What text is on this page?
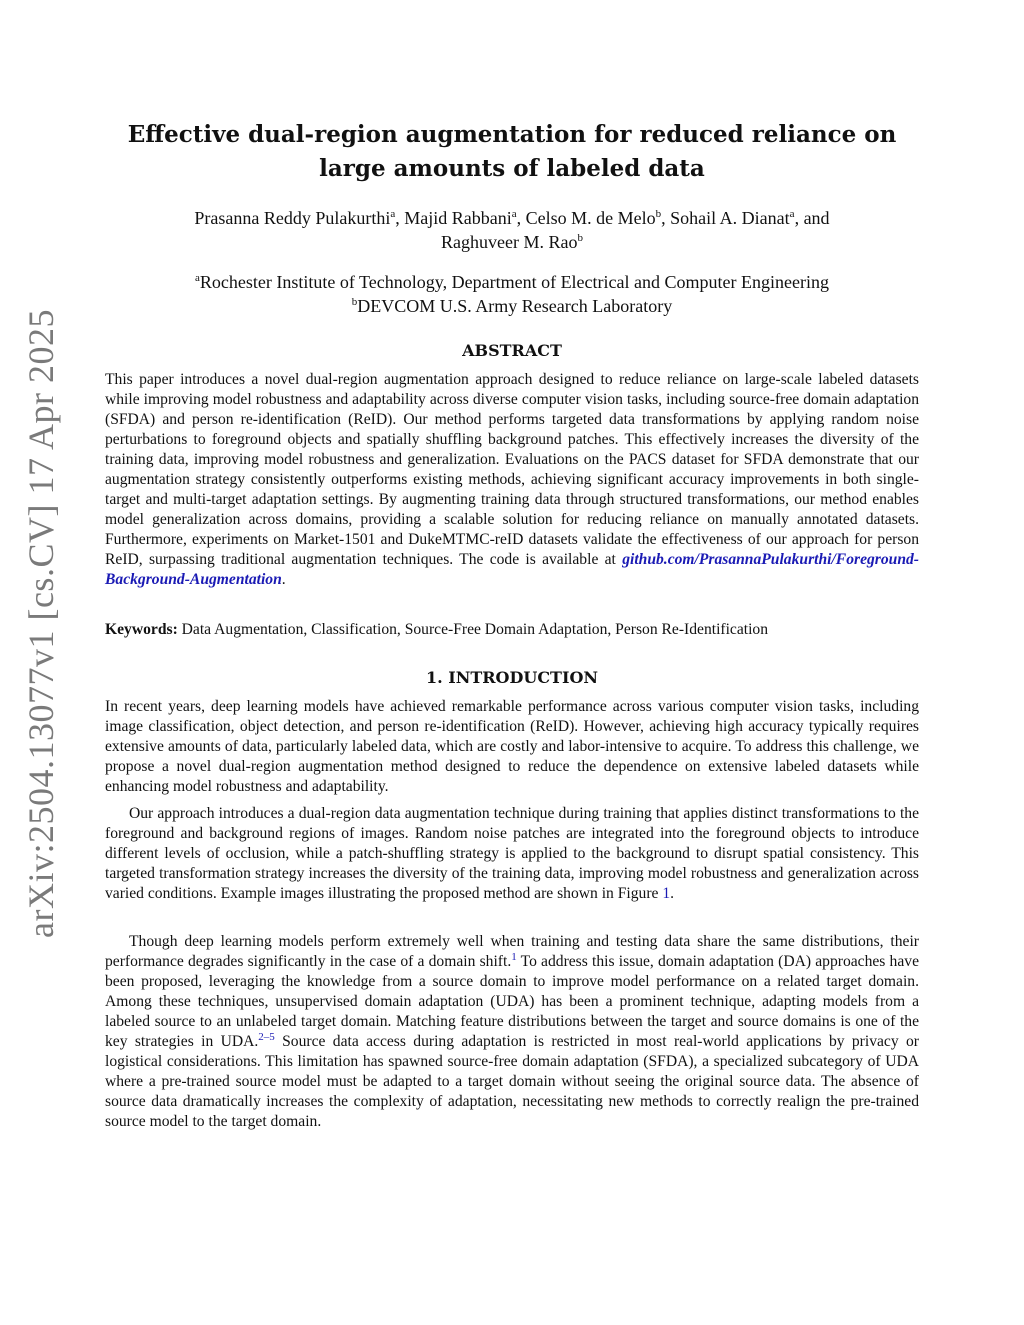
arXiv:2504.13077v1 [cs.CV] 17 Apr 2025
Effective dual-region augmentation for reduced reliance on large amounts of labeled data
Prasanna Reddy Pulakurthi$^a$, Majid Rabbani$^a$, Celso M. de Melo$^b$, Sohail A. Dianat$^a$, and
Raghuveer M. Rao$^b$
$^a$Rochester Institute of Technology, Department of Electrical and Computer Engineering
$^b$DEVCOM U.S. Army Research Laboratory
ABSTRACT

This paper introduces a novel dual-region augmentation approach designed to reduce reliance on large-scale labeled datasets while improving model robustness and adaptability across diverse computer vision tasks, including source-free domain adaptation (SFDA) and person re-identification (ReID). Our method performs targeted data transformations by applying random noise perturbations to foreground objects and spatially shuffling background patches. This effectively increases the diversity of the training data, improving model robustness and generalization. Evaluations on the PACS dataset for SFDA demonstrate that our augmentation strategy consistently outperforms existing methods, achieving significant accuracy improvements in both single-target and multi-target adaptation settings. By augmenting training data through structured transformations, our method enables model generalization across domains, providing a scalable solution for reducing reliance on manually annotated datasets. Furthermore, experiments on Market-1501 and DukeMTMC-reID datasets validate the effectiveness of our approach for person ReID, surpassing traditional augmentation techniques. The code is available at github.com/PrasannaPulakurthi/Foreground-Background-Augmentation.

Keywords: Data Augmentation, Classification, Source-Free Domain Adaptation, Person Re-Identification

1. INTRODUCTION

In recent years, deep learning models have achieved remarkable performance across various computer vision tasks, including image classification, object detection, and person re-identification (ReID). However, achieving high accuracy typically requires extensive amounts of data, particularly labeled data, which are costly and labor-intensive to acquire. To address this challenge, we propose a novel dual-region augmentation method designed to reduce the dependence on extensive labeled datasets while enhancing model robustness and adaptability.

Our approach introduces a dual-region data augmentation technique during training that applies distinct transformations to the foreground and background regions of images. Random noise patches are integrated into the foreground objects to introduce different levels of occlusion, while a patch-shuffling strategy is applied to the background to disrupt spatial consistency. This targeted transformation strategy increases the diversity of the training data, improving model robustness and generalization across varied conditions. Example images illustrating the proposed method are shown in Figure 1.

Though deep learning models perform extremely well when training and testing data share the same distributions, their performance degrades significantly in the case of a domain shift.$^1$ To address this issue, domain adaptation (DA) approaches have been proposed, leveraging the knowledge from a source domain to improve model performance on a related target domain. Among these techniques, unsupervised domain adaptation (UDA) has been a prominent technique, adapting models from a labeled source to an unlabeled target domain. Matching feature distributions between the target and source domains is one of the key strategies in UDA.$^{2-5}$ Source data access during adaptation is restricted in most real-world applications by privacy or logistical considerations. This limitation has spawned source-free domain adaptation (SFDA), a specialized subcategory of UDA where a pre-trained source model must be adapted to a target domain without seeing the original source data. The absence of source data dramatically increases the complexity of adaptation, necessitating new methods to correctly realign the pre-trained source model to the target domain.
